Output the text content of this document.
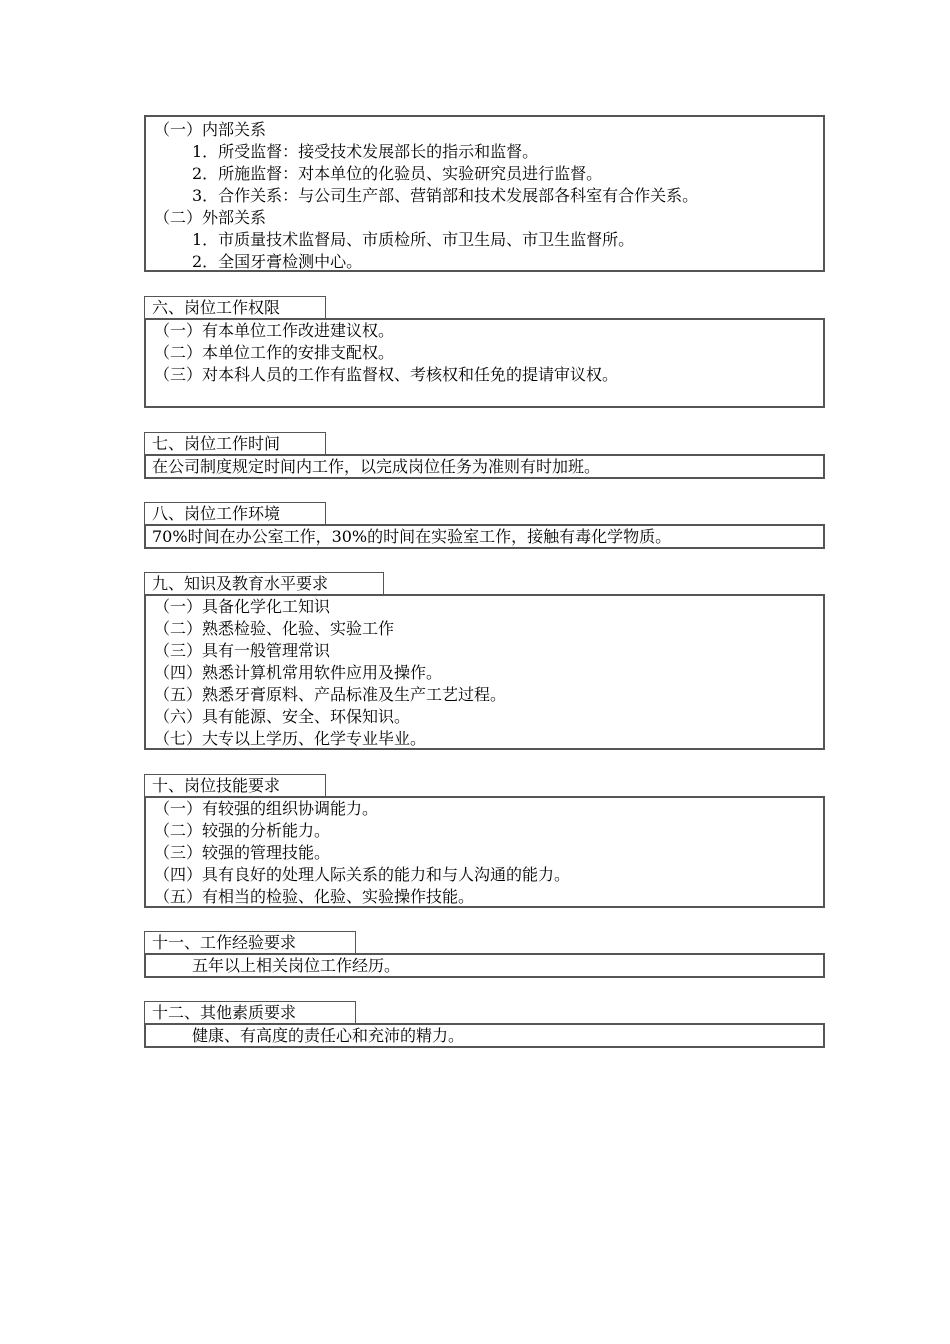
（一）内部关系
1．所受监督：接受技术发展部长的指示和监督。
2．所施监督：对本单位的化验员、实验研究员进行监督。
3．合作关系：与公司生产部、营销部和技术发展部各科室有合作关系。
（二）外部关系
1．市质量技术监督局、市质检所、市卫生局、市卫生监督所。
2．全国牙膏检测中心。
六、岗位工作权限
（一）有本单位工作改进建议权。
（二）本单位工作的安排支配权。
（三）对本科人员的工作有监督权、考核权和任免的提请审议权。
七、岗位工作时间
在公司制度规定时间内工作，以完成岗位任务为准则有时加班。
八、岗位工作环境
70%时间在办公室工作，30%的时间在实验室工作，接触有毒化学物质。
九、知识及教育水平要求
（一）具备化学化工知识
（二）熟悉检验、化验、实验工作
（三）具有一般管理常识
（四）熟悉计算机常用软件应用及操作。
（五）熟悉牙膏原料、产品标准及生产工艺过程。
（六）具有能源、安全、环保知识。
（七）大专以上学历、化学专业毕业。
十、岗位技能要求
（一）有较强的组织协调能力。
（二）较强的分析能力。
（三）较强的管理技能。
（四）具有良好的处理人际关系的能力和与人沟通的能力。
（五）有相当的检验、化验、实验操作技能。
十一、工作经验要求
五年以上相关岗位工作经历。
十二、其他素质要求
健康、有高度的责任心和充沛的精力。
